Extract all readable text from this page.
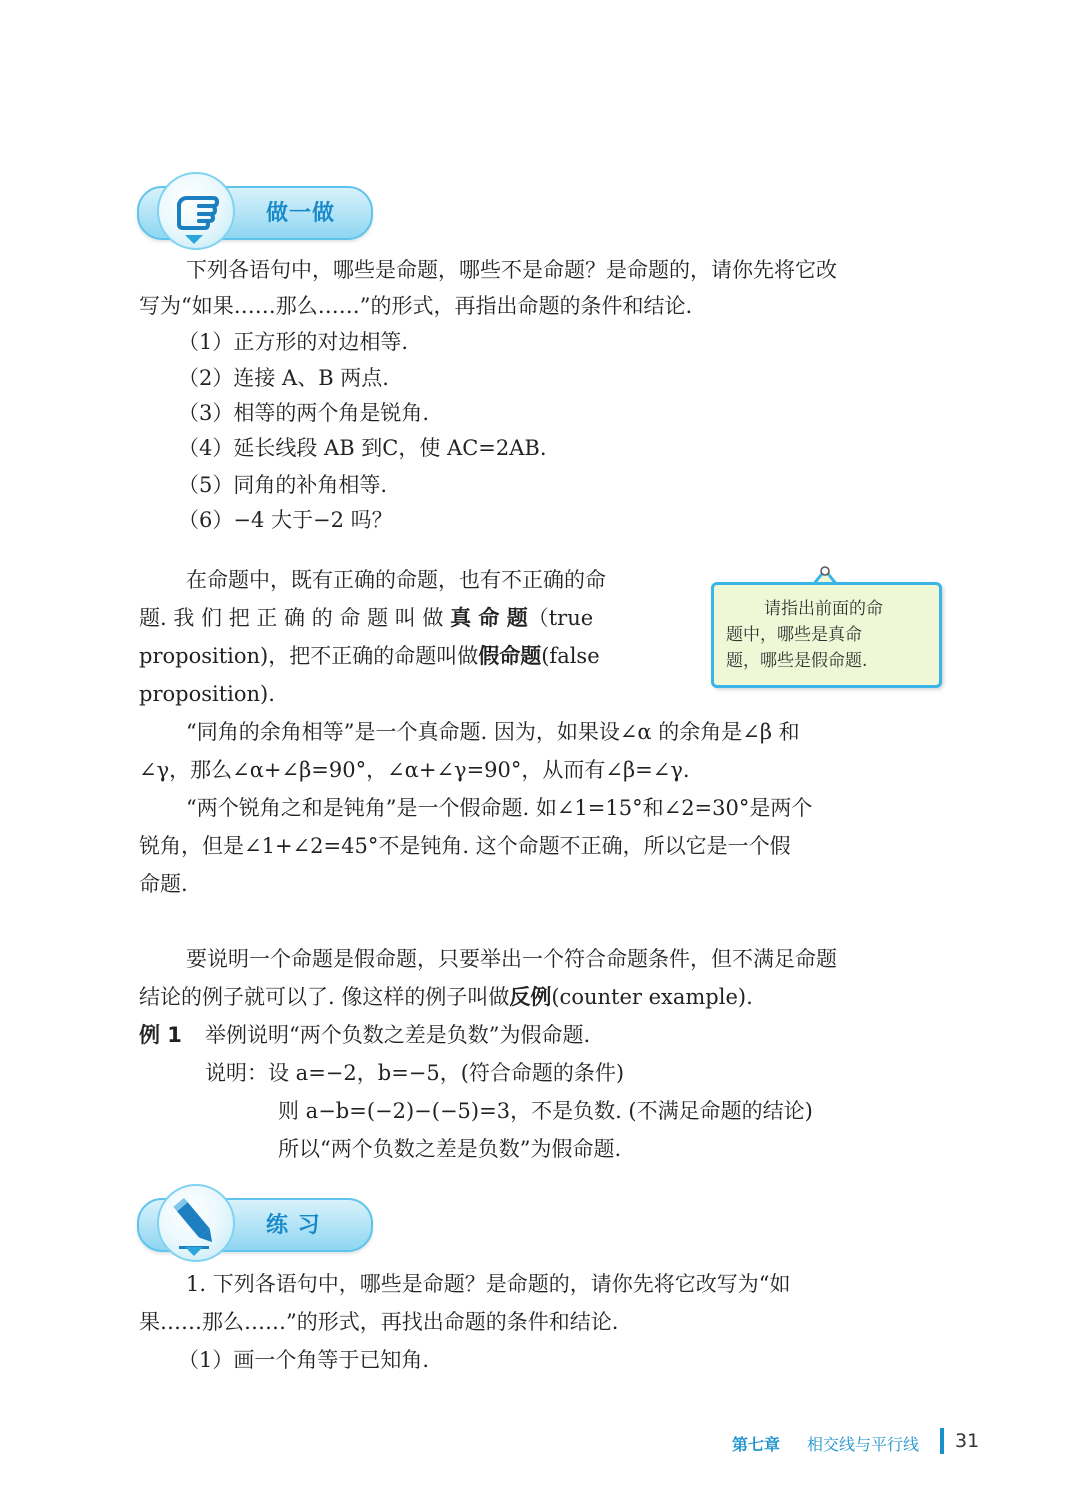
做一做
下列各语句中，哪些是命题，哪些不是命题？是命题的，请你先将它改
写为“如果……那么……”的形式，再指出命题的条件和结论.
（1）正方形的对边相等.
（2）连接 A、B 两点.
（3）相等的两个角是锐角.
（4）延长线段 AB 到C，使 AC=2AB.
（5）同角的补角相等.
（6）−4 大于−2 吗？
在命题中，既有正确的命题，也有不正确的命
题. 我 们 把 正 确 的 命 题 叫 做 真 命 题（true
proposition)，把不正确的命题叫做假命题(false
proposition).
请指出前面的命
题中，哪些是真命
题，哪些是假命题.
“同角的余角相等”是一个真命题. 因为，如果设∠α 的余角是∠β 和
∠γ，那么∠α+∠β=90°，∠α+∠γ=90°，从而有∠β=∠γ.
“两个锐角之和是钝角”是一个假命题. 如∠1=15°和∠2=30°是两个
锐角，但是∠1+∠2=45°不是钝角. 这个命题不正确，所以它是一个假
命题.
要说明一个命题是假命题，只要举出一个符合命题条件，但不满足命题
结论的例子就可以了. 像这样的例子叫做反例(counter example).
例 1 举例说明“两个负数之差是负数”为假命题.
说明：设 a=−2，b=−5，(符合命题的条件)
则 a−b=(−2)−(−5)=3，不是负数. (不满足命题的结论)
所以“两个负数之差是负数”为假命题.
练 习
1. 下列各语句中，哪些是命题？是命题的，请你先将它改写为“如
果……那么……”的形式，再找出命题的条件和结论.
（1）画一个角等于已知角.
第七章 相交线与平行线 31
